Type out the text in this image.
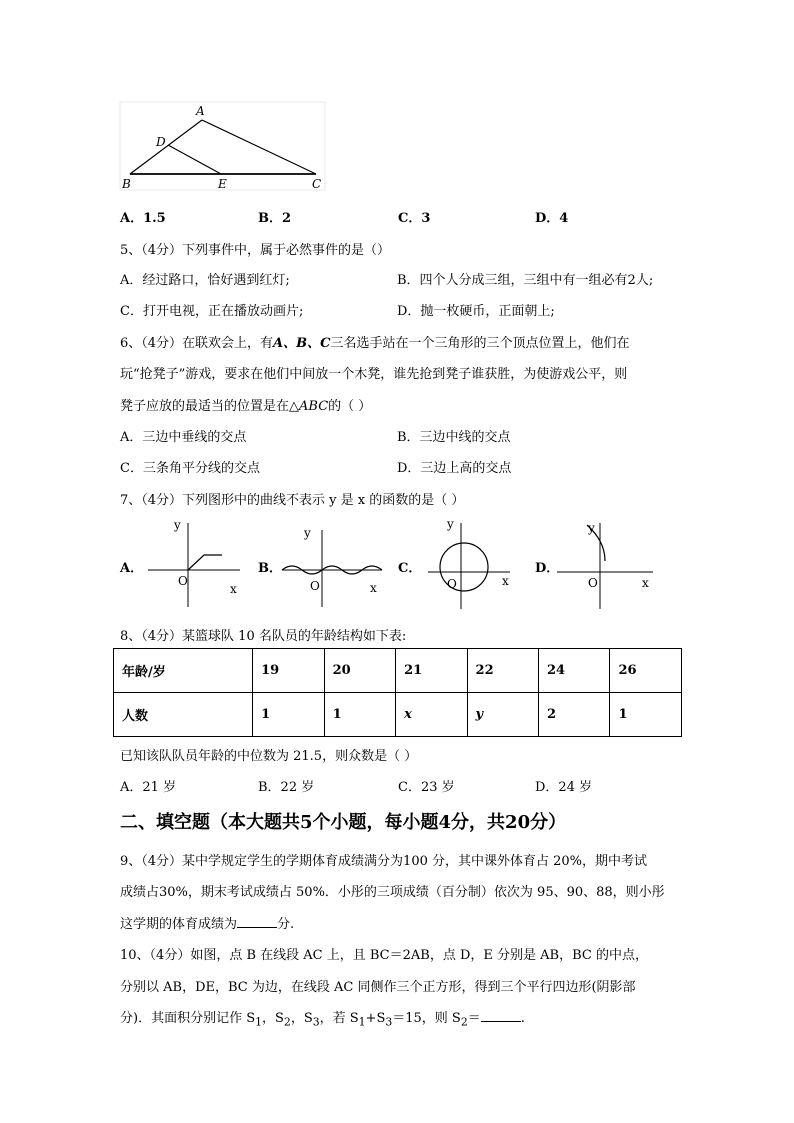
A
D
B	E	C
A．1.5	B．2	C．3	D．4
5、（4分）下列事件中，属于必然事件的是（）
A．经过路口，恰好遇到红灯;	B．四个人分成三组，三组中有一组必有2人;
C．打开电视，正在播放动画片;	D．抛一枚硬币，正面朝上;
6、（4分）在联欢会上，有A、B、C三名选手站在一个三角形的三个顶点位置上，他们在
玩“抢凳子”游戏，要求在他们中间放一个木凳，谁先抢到凳子谁获胜，为使游戏公平，则
凳子应放的最适当的位置是在△ABC的（ ）
A．三边中垂线的交点	B．三边中线的交点
C．三条角平分线的交点	D．三边上高的交点
7、（4分）下列图形中的曲线不表示 y 是 x 的函数的是（ ）
A．
y
O
x
B．
y
O	x
C．
y
O	x
D．
y
O	x
8、（4分）某篮球队 10 名队员的年龄结构如下表:
年龄/岁	19	20	21	22	24	26
人数	1	1	x	y	2	1
已知该队队员年龄的中位数为 21.5，则众数是（ ）
A．21 岁	B．22 岁	C．23 岁	D．24 岁
二、填空题（本大题共5个小题，每小题4分，共20分）
9、（4分）某中学规定学生的学期体育成绩满分为100 分，其中课外体育占 20%，期中考试
成绩占30%，期末考试成绩占 50%．小彤的三项成绩（百分制）依次为 95、90、88，则小彤
这学期的体育成绩为	分.
10、（4分）如图，点 B 在线段 AC 上，且 BC＝2AB，点 D，E 分别是 AB，BC 的中点，
分别以 AB，DE，BC 为边，在线段 AC 同侧作三个正方形，得到三个平行四边形(阴影部
分)．其面积分别记作 $S_1$，$S_2$，$S_3$，若 $S_1+S_3=15$，则 $S_2=$	.
